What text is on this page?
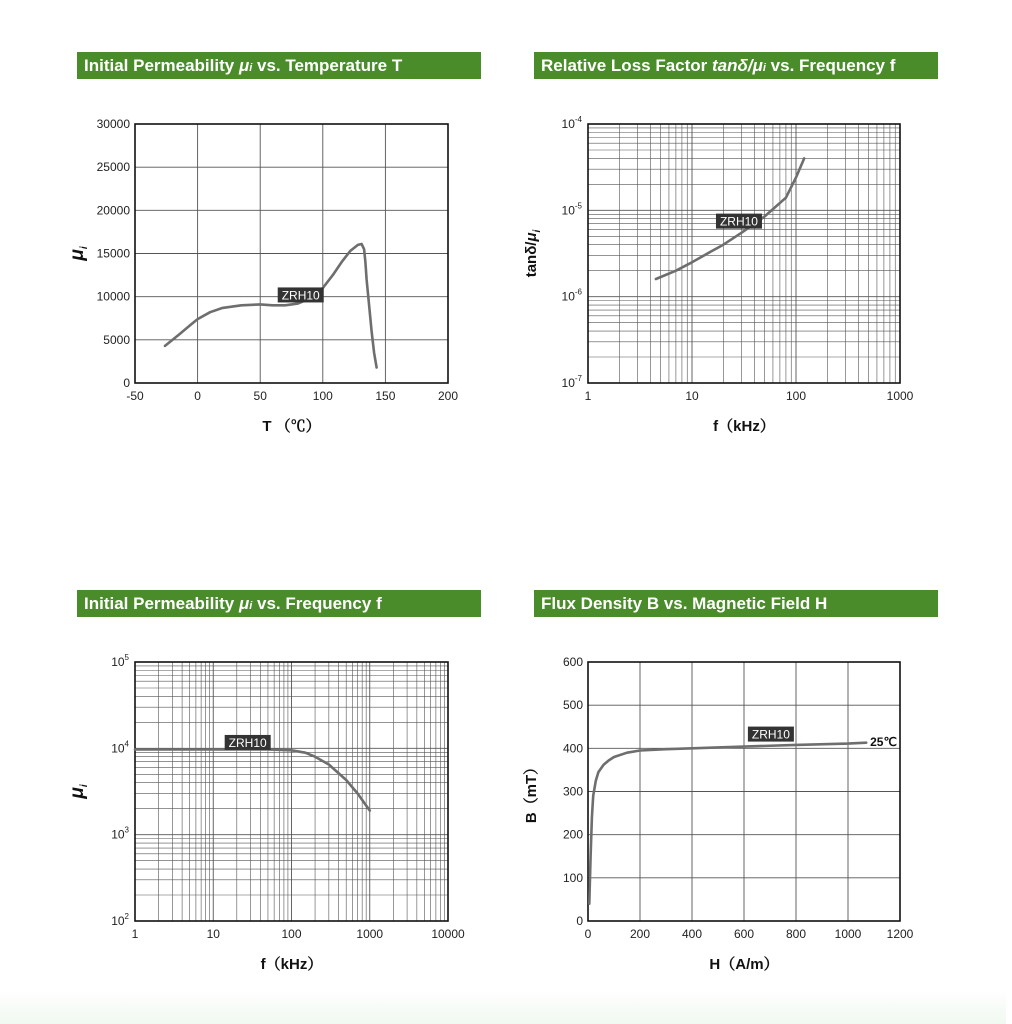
Initial Permeability μi vs. Temperature T
-50	0	50	100	150	200
0
5000
10000
15000
20000
25000
30000
T （℃）
$\mu_i$
ZRH10
Relative Loss Factor tanδ/μi vs. Frequency f
1	10	100	1000
$10^{-7}$
$10^{-6}$
$10^{-5}$
$10^{-4}$
f（kHz）
tanδ/$\mu_i$
ZRH10
Initial Permeability μi vs. Frequency f
1	10	100	1000	10000
$10^2$
$10^3$
$10^4$
$10^5$
f（kHz）
$\mu_i$
ZRH10
Flux Density B vs. Magnetic Field H
0	200	400	600	800 1000 1200
0
100
200
300
400
500
600
H（A/m）
B（mT）
ZRH10
25℃
